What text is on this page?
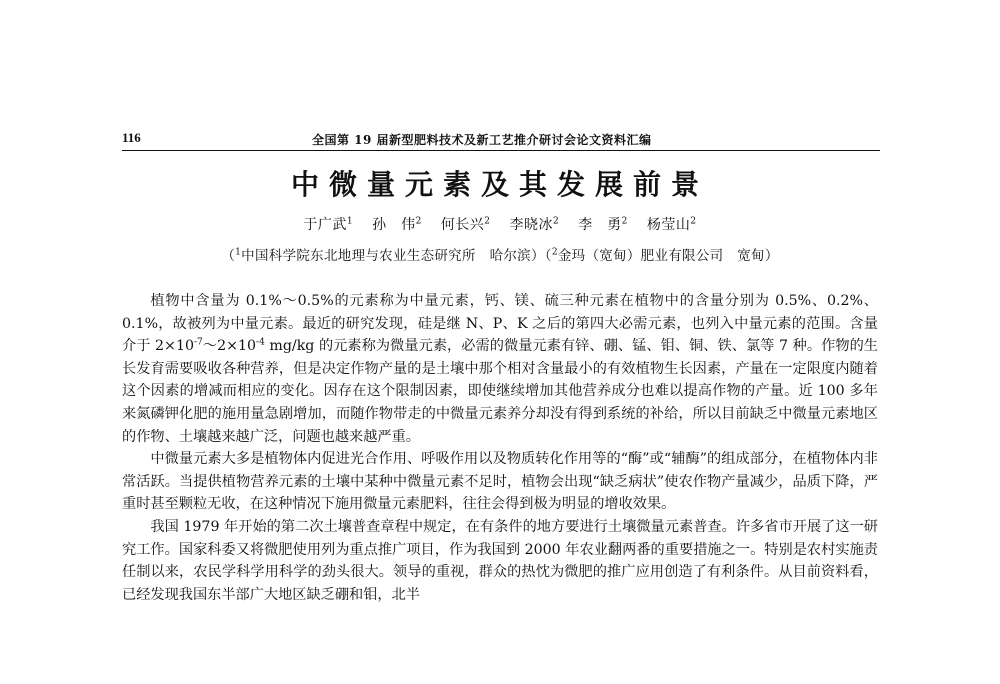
116	全国第 19 届新型肥料技术及新工艺推介研讨会论文资料汇编
中微量元素及其发展前景
于广武$^1$ 孙　伟$^2$ 何长兴$^2$ 李晓冰$^2$ 李　勇$^2$ 杨莹山$^2$
（$^1$中国科学院东北地理与农业生态研究所　哈尔滨）（$^2$金玛（宽甸）肥业有限公司　宽甸）

植物中含量为 0.1%～0.5%的元素称为中量元素，钙、镁、硫三种元素在植物中的含量分别为 0.5%、0.2%、0.1%，故被列为中量元素。最近的研究发现，硅是继 N、P、K 之后的第四大必需元素，也列入中量元素的范围。含量介于 $2\times 10^{-7}\sim 2\times 10^{-4}$ mg/kg 的元素称为微量元素，必需的微量元素有锌、硼、锰、钼、铜、铁、氯等 7 种。作物的生长发育需要吸收各种营养，但是决定作物产量的是土壤中那个相对含量最小的有效植物生长因素，产量在一定限度内随着这个因素的增减而相应的变化。因存在这个限制因素，即使继续增加其他营养成分也难以提高作物的产量。近 100 多年来氮磷钾化肥的施用量急剧增加，而随作物带走的中微量元素养分却没有得到系统的补给，所以目前缺乏中微量元素地区的作物、土壤越来越广泛，问题也越来越严重。

中微量元素大多是植物体内促进光合作用、呼吸作用以及物质转化作用等的“酶”或“辅酶”的组成部分，在植物体内非常活跃。当提供植物营养元素的土壤中某种中微量元素不足时，植物会出现“缺乏病状”使农作物产量减少，品质下降，严重时甚至颗粒无收，在这种情况下施用微量元素肥料，往往会得到极为明显的增收效果。

我国 1979 年开始的第二次土壤普查章程中规定，在有条件的地方要进行土壤微量元素普查。许多省市开展了这一研究工作。国家科委又将微肥使用列为重点推广项目，作为我国到 2000 年农业翻两番的重要措施之一。特别是农村实施责任制以来，农民学科学用科学的劲头很大。领导的重视，群众的热忱为微肥的推广应用创造了有利条件。从目前资料看，已经发现我国东半部广大地区缺乏硼和钼，北半
